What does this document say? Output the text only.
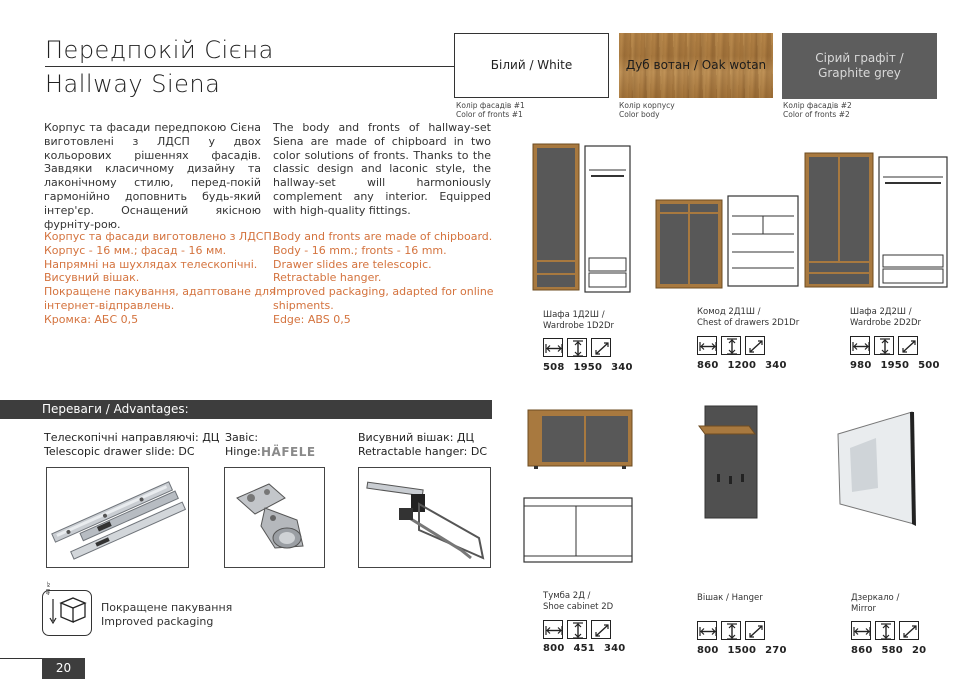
Передпокій Сієна
Hallway Siena
Білий / White
Колір фасадів #1
Color of fronts #1
Дуб вотан / Oak wotan
Колір корпусу
Color body
Сірий графіт /
Graphite grey
Колір фасадів #2
Color of fronts #2
Корпус та фасади передпокою Сієна виготовлені з ЛДСП у двох кольорових рішеннях фасадів. Завдяки класичному дизайну та лаконічному стилю, перед-покій гармонійно доповнить будь-який інтер'єр. Оснащений якісною фурніту-рою.
The body and fronts of hallway-set Siena are made of chipboard in two color solutions of fronts. Thanks to the classic design and laconic style, the hallway-set will harmoniously complement any interior. Equipped with high-quality fittings.
Корпус та фасади виготовлено з ЛДСП.
Корпус - 16 мм.; фасад - 16 мм.
Напрямні на шухлядах телескопічні.
Висувний вішак.
Покращене пакування, адаптоване для
інтернет-відправлень.
Кромка: АБС 0,5
Body and fronts are made of chipboard.
Body - 16 mm.; fronts - 16 mm.
Drawer slides are telescopic.
Retractable hanger.
Improved packaging, adapted for online
shipments.
Edge: ABS 0,5
Переваги / Advantages:
Телескопічні направляючі: ДЦ
Telescopic drawer slide: DC
Завіс:
Hinge: HÄFELE
Висувний вішак: ДЦ
Retractable hanger: DC
40 кг
Покращене пакування
Improved packaging
20
Шафа 1Д2Ш /
Wardrobe 1D2Dr
508 1950 340
Комод 2Д1Ш /
Chest of drawers 2D1Dr
860 1200 340
Шафа 2Д2Ш /
Wardrobe 2D2Dr
980 1950 500
Тумба 2Д /
Shoe cabinet 2D
800 451 340
Вішак / Hanger
800 1500 270
Дзеркало /
Mirror
860 580 20
